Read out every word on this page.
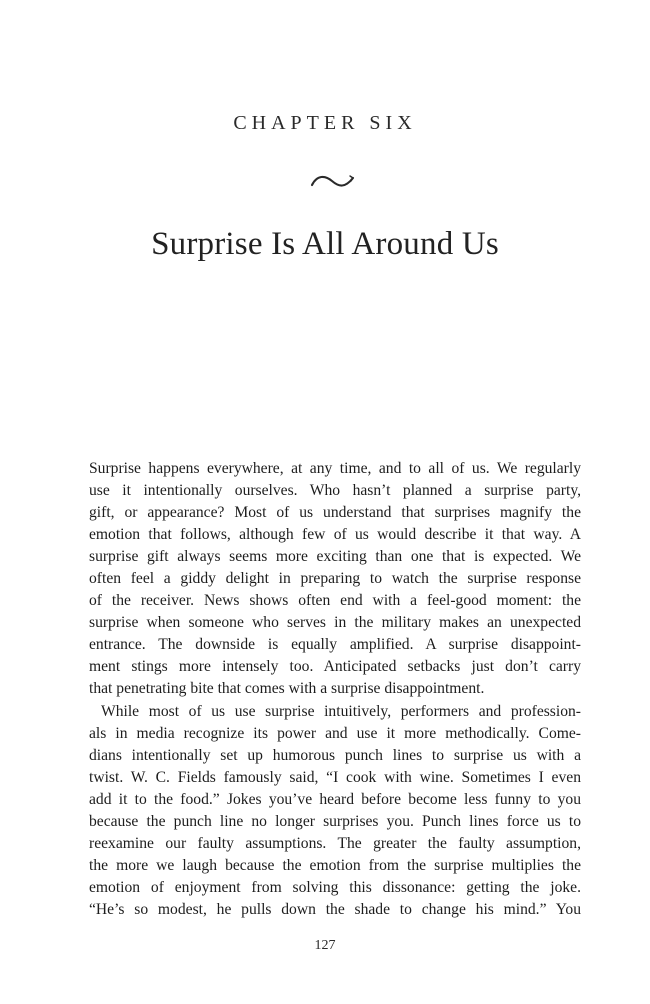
CHAPTER SIX
Surprise Is All Around Us
Surprise happens everywhere, at any time, and to all of us. We regularly
use it intentionally ourselves. Who hasn’t planned a surprise party,
gift, or appearance? Most of us understand that surprises magnify the
emotion that follows, although few of us would describe it that way. A
surprise gift always seems more exciting than one that is expected. We
often feel a giddy delight in preparing to watch the surprise response
of the receiver. News shows often end with a feel-good moment: the
surprise when someone who serves in the military makes an unexpected
entrance. The downside is equally amplified. A surprise disappoint-
ment stings more intensely too. Anticipated setbacks just don’t carry
that penetrating bite that comes with a surprise disappointment.
While most of us use surprise intuitively, performers and profession-
als in media recognize its power and use it more methodically. Come-
dians intentionally set up humorous punch lines to surprise us with a
twist. W. C. Fields famously said, “I cook with wine. Sometimes I even
add it to the food.” Jokes you’ve heard before become less funny to you
because the punch line no longer surprises you. Punch lines force us to
reexamine our faulty assumptions. The greater the faulty assumption,
the more we laugh because the emotion from the surprise multiplies the
emotion of enjoyment from solving this dissonance: getting the joke.
“He’s so modest, he pulls down the shade to change his mind.” You
127
